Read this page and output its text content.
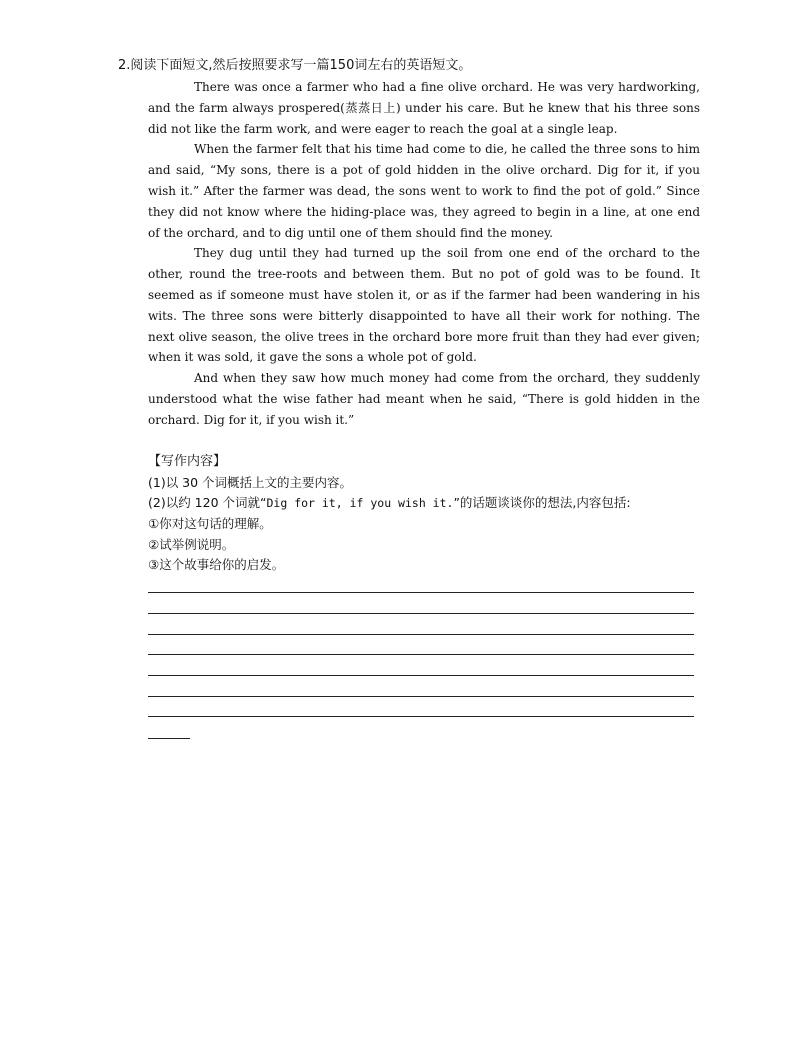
2.阅读下面短文,然后按照要求写一篇150词左右的英语短文。

There was once a farmer who had a fine olive orchard. He was very hardworking, and the farm always prospered(蒸蒸日上) under his care. But he knew that his three sons did not like the farm work, and were eager to reach the goal at a single leap.

When the farmer felt that his time had come to die, he called the three sons to him and said, “My sons, there is a pot of gold hidden in the olive orchard. Dig for it, if you wish it.” After the farmer was dead, the sons went to work to find the pot of gold.” Since they did not know where the hiding-place was, they agreed to begin in a line, at one end of the orchard, and to dig until one of them should find the money.

They dug until they had turned up the soil from one end of the orchard to the other, round the tree-roots and between them. But no pot of gold was to be found. It seemed as if someone must have stolen it, or as if the farmer had been wandering in his wits. The three sons were bitterly disappointed to have all their work for nothing. The next olive season, the olive trees in the orchard bore more fruit than they had ever given; when it was sold, it gave the sons a whole pot of gold.

And when they saw how much money had come from the orchard, they suddenly understood what the wise father had meant when he said, “There is gold hidden in the orchard. Dig for it, if you wish it.”

【写作内容】
(1)以 30 个词概括上文的主要内容。
(2)以约 120 个词就“Dig for it, if you wish it.”的话题谈谈你的想法,内容包括:
①你对这句话的理解。
②试举例说明。
③这个故事给你的启发。
